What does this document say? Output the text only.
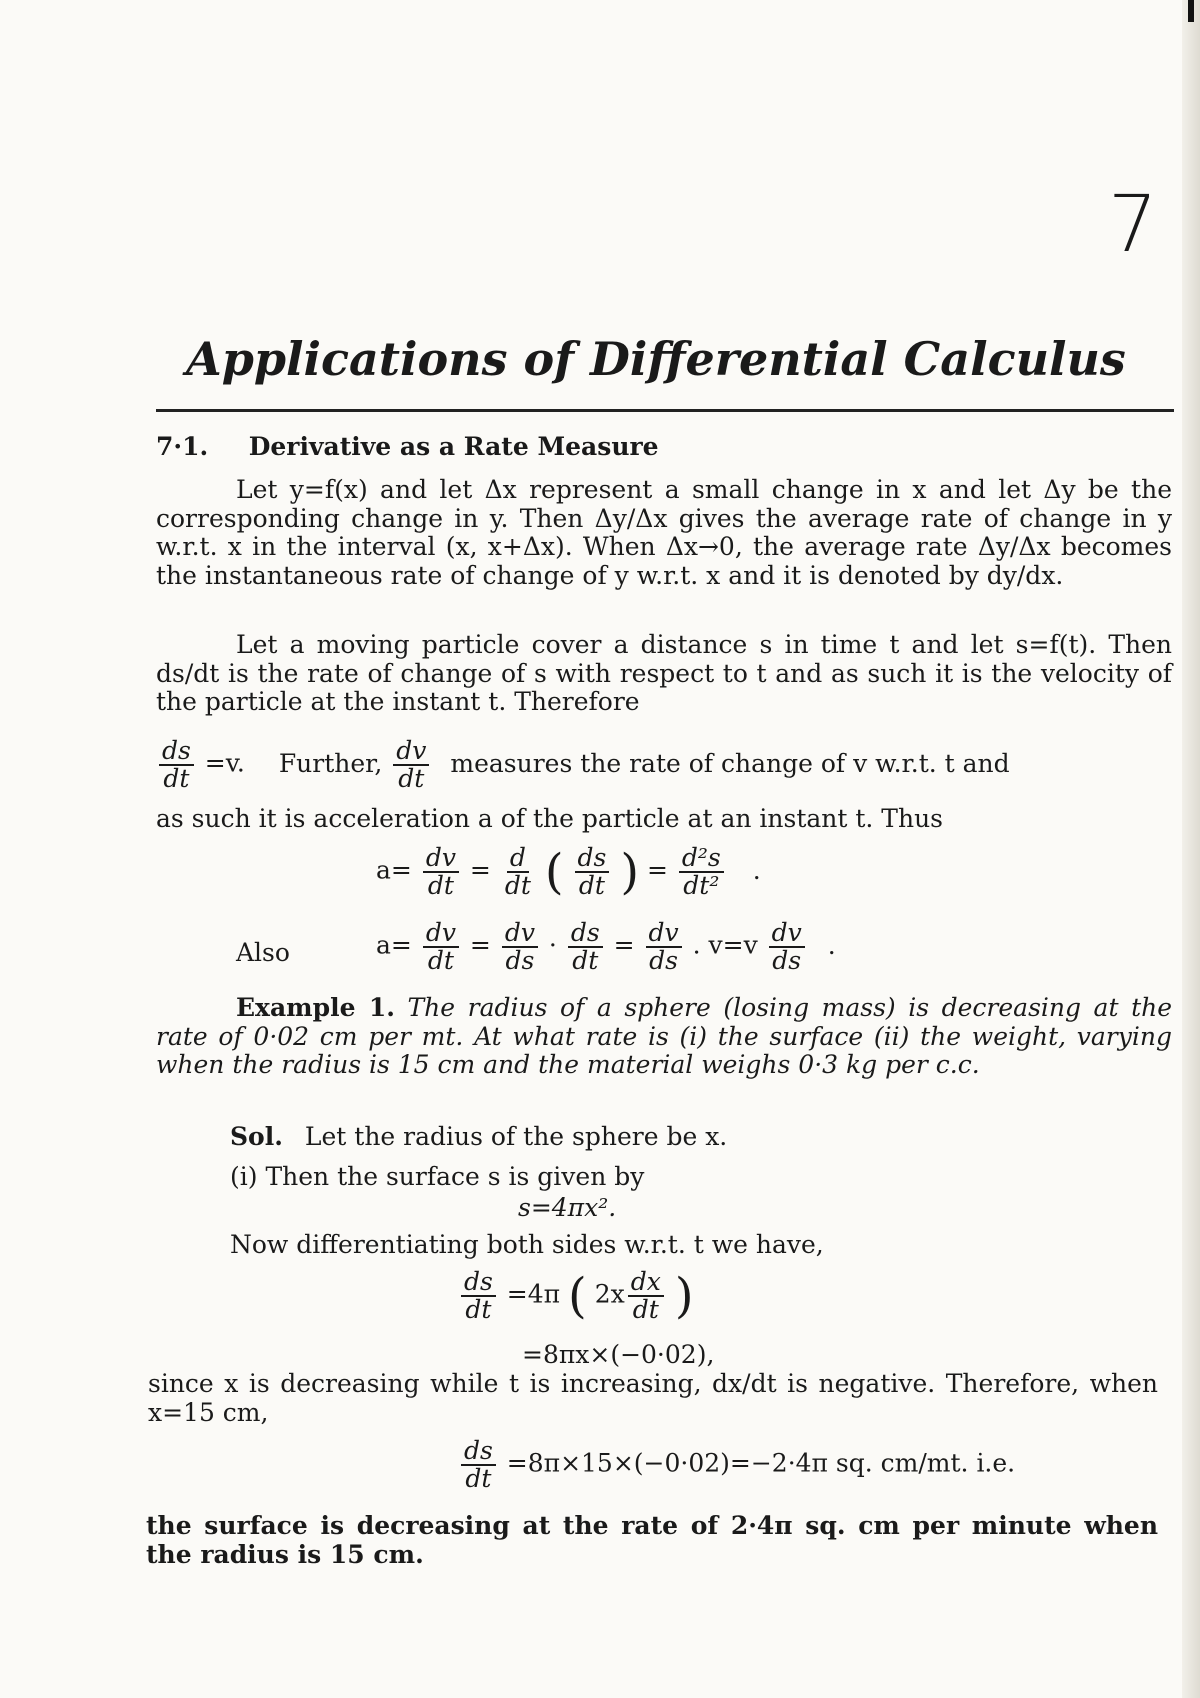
7
Applications of Differential Calculus
7·1. Derivative as a Rate Measure
Let y=f(x) and let Δx represent a small change in x and let Δy be the corresponding change in y. Then Δy/Δx gives the average rate of change in y w.r.t. x in the interval (x, x+Δx). When Δx→0, the average rate Δy/Δx becomes the instantaneous rate of change of y w.r.t. x and it is denoted by dy/dx.
Let a moving particle cover a distance s in time t and let s=f(t). Then ds/dt is the rate of change of s with respect to t and as such it is the velocity of the particle at the instant t. Therefore
$\frac{ds}{dt} =v$. Further, $\frac{dv}{dt}$ measures the rate of change of v w.r.t. t and
as such it is acceleration a of the particle at an instant t. Thus
$a= \frac{dv}{dt} = \frac{d}{dt}$ ( $\frac{ds}{dt}$ ) = $\frac{\text{d²s}}{\text{dt²}}$ .
Also	$a= \frac{dv}{dt} = \frac{dv}{ds} \cdot \frac{ds}{dt} = \frac{dv}{ds}$ . $v=v \frac{dv}{ds}$ .
Example 1. The radius of a sphere (losing mass) is decreasing at the rate of 0·02 cm per mt. At what rate is (i) the surface (ii) the weight, varying when the radius is 15 cm and the material weighs 0·3 kg per c.c.
Sol. Let the radius of the sphere be x.
(i) Then the surface s is given by
s=4πx².
Now differentiating both sides w.r.t. t we have,
$\frac{ds}{dt} =4\pi$ ( $2x \frac{dx}{dt}$ )
=8πx×(−0·02),
since x is decreasing while t is increasing, dx/dt is negative. Therefore, when x=15 cm,
$\frac{ds}{dt} =8\pi\times 15\times(-0\cdot 02)=-2\cdot 4\pi$ sq. cm/mt. i.e.
the surface is decreasing at the rate of 2·4π sq. cm per minute when the radius is 15 cm.
